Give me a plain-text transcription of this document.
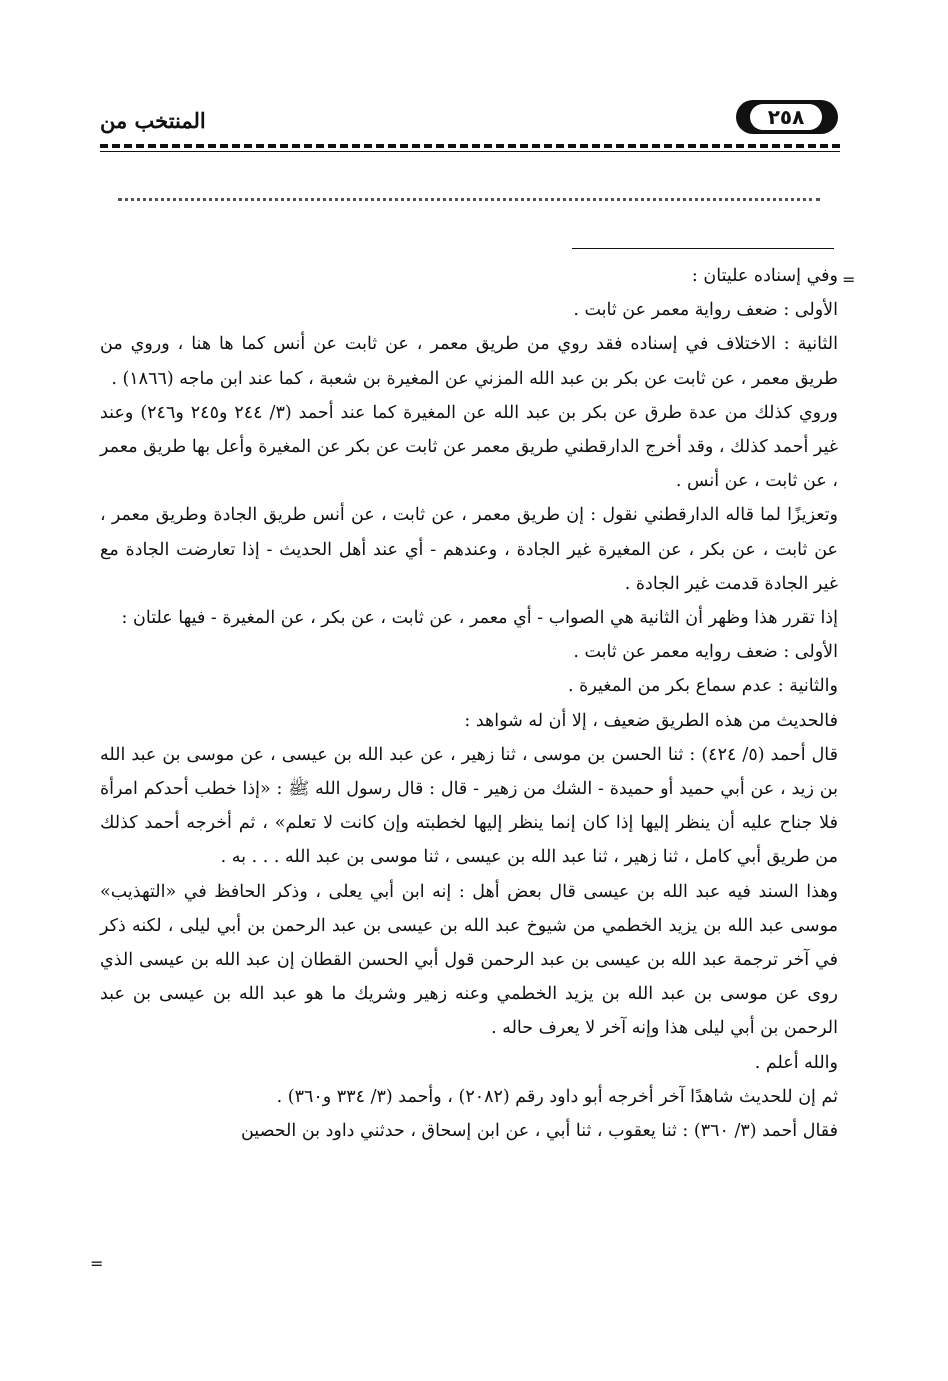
٢٥٨
المنتخب من
=
=

وفي إسناده عليتان :

الأولى : ضعف رواية معمر عن ثابت .

الثانية : الاختلاف في إسناده فقد روي من طريق معمر ، عن ثابت عن أنس كما ها هنا ، وروي من طريق معمر ، عن ثابت عن بكر بن عبد الله المزني عن المغيرة بن شعبة ، كما عند ابن ماجه (١٨٦٦) .

وروي كذلك من عدة طرق عن بكر بن عبد الله عن المغيرة كما عند أحمد (٣/ ٢٤٤ و٢٤٥ و٢٤٦) وعند غير أحمد كذلك ، وقد أخرج الدارقطني طريق معمر عن ثابت عن بكر عن المغيرة وأعل بها طريق معمر ، عن ثابت ، عن أنس .

وتعزيزًا لما قاله الدارقطني نقول : إن طريق معمر ، عن ثابت ، عن أنس طريق الجادة وطريق معمر ، عن ثابت ، عن بكر ، عن المغيرة غير الجادة ، وعندهم - أي عند أهل الحديث - إذا تعارضت الجادة مع غير الجادة قدمت غير الجادة .

إذا تقرر هذا وظهر أن الثانية هي الصواب - أي معمر ، عن ثابت ، عن بكر ، عن المغيرة - فيها علتان :

الأولى : ضعف روايه معمر عن ثابت .

والثانية : عدم سماع بكر من المغيرة .

فالحديث من هذه الطريق ضعيف ، إلا أن له شواهد :

قال أحمد (٥/ ٤٢٤) : ثنا الحسن بن موسى ، ثنا زهير ، عن عبد الله بن عيسى ، عن موسى بن عبد الله بن زيد ، عن أبي حميد أو حميدة - الشك من زهير - قال : قال رسول الله ﷺ : «إذا خطب أحدكم امرأة فلا جناح عليه أن ينظر إليها إذا كان إنما ينظر إليها لخطبته وإن كانت لا تعلم» ، ثم أخرجه أحمد كذلك من طريق أبي كامل ، ثنا زهير ، ثنا عبد الله بن عيسى ، ثنا موسى بن عبد الله . . . به .

وهذا السند فيه عبد الله بن عيسى قال بعض أهل : إنه ابن أبي يعلى ، وذكر الحافظ في «التهذيب» موسى عبد الله بن يزيد الخطمي من شيوخ عبد الله بن عيسى بن عبد الرحمن بن أبي ليلى ، لكنه ذكر في آخر ترجمة عبد الله بن عيسى بن عبد الرحمن قول أبي الحسن القطان إن عبد الله بن عيسى الذي روى عن موسى بن عبد الله بن يزيد الخطمي وعنه زهير وشريك ما هو عبد الله بن عيسى بن عبد الرحمن بن أبي ليلى هذا وإنه آخر لا يعرف حاله .

والله أعلم .

ثم إن للحديث شاهدًا آخر أخرجه أبو داود رقم (٢٠٨٢) ، وأحمد (٣/ ٣٣٤ و٣٦٠) .

فقال أحمد (٣/ ٣٦٠) : ثنا يعقوب ، ثنا أبي ، عن ابن إسحاق ، حدثني داود بن الحصين
